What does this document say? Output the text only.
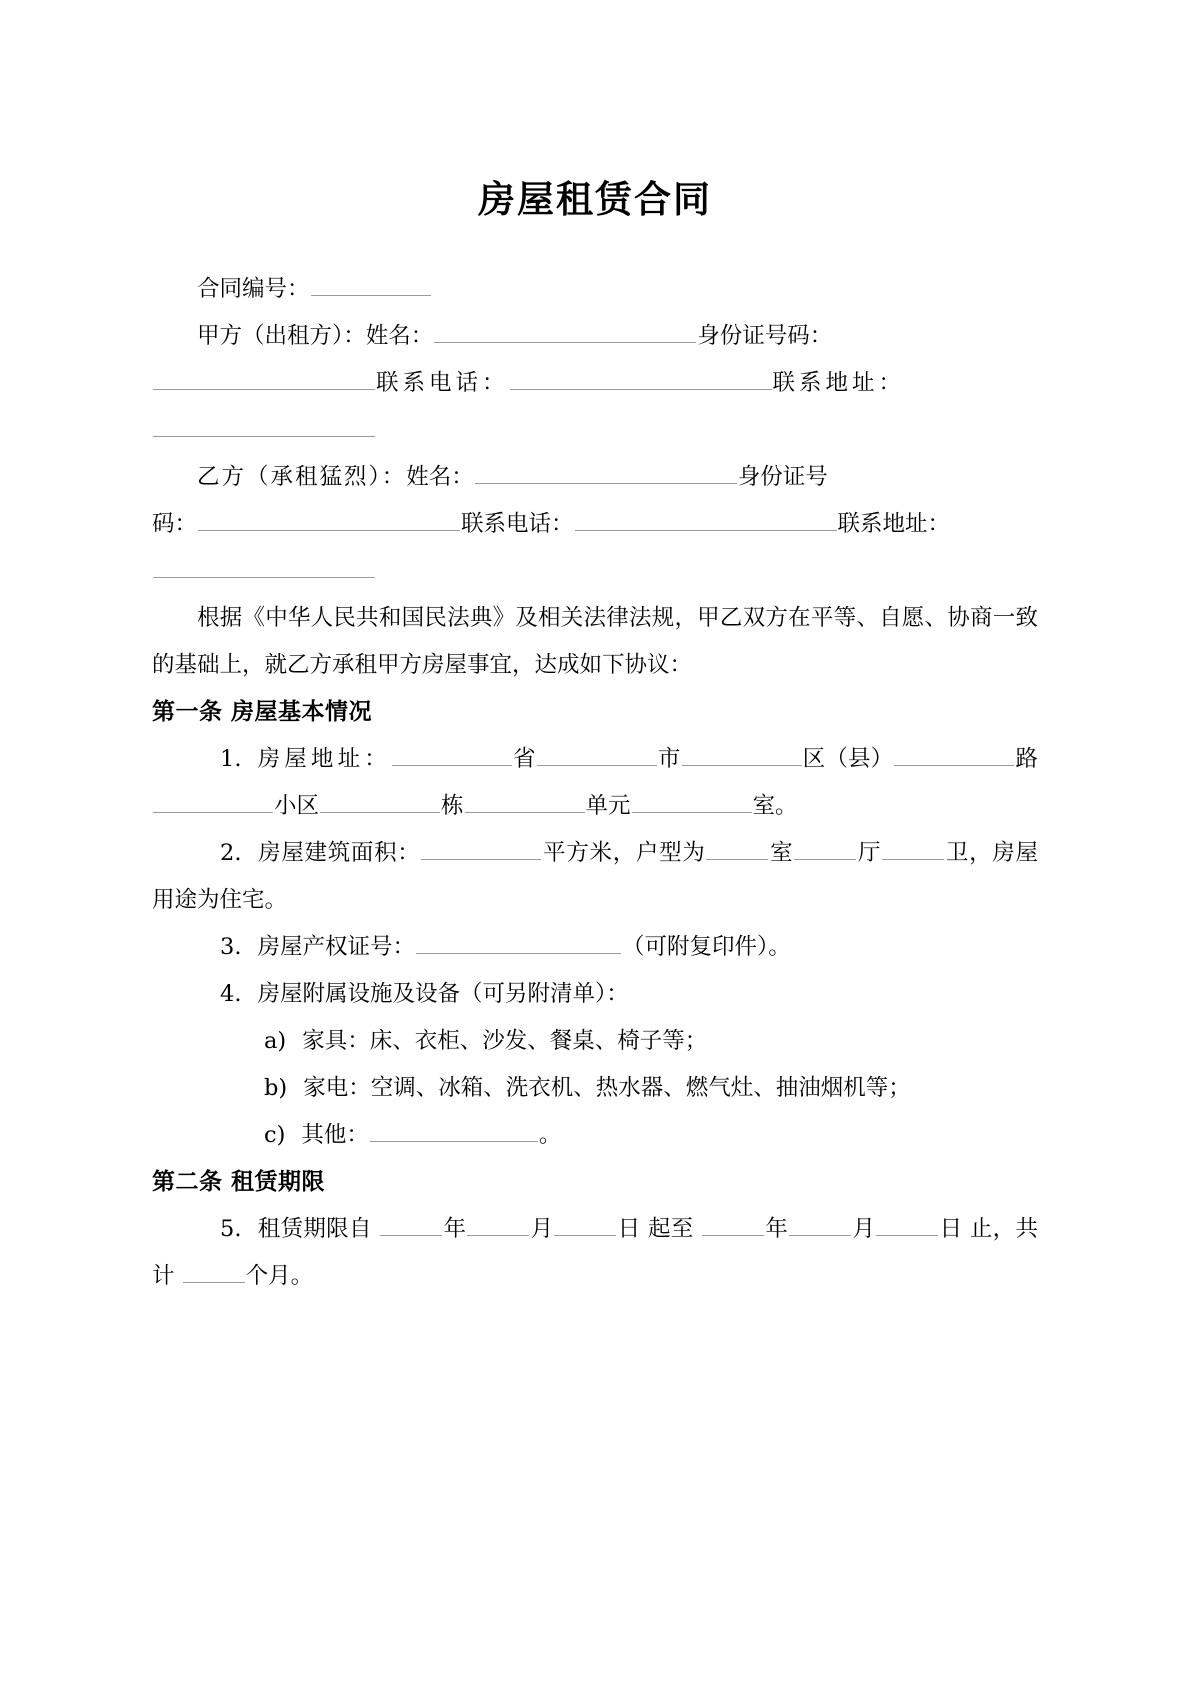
房屋租赁合同

合同编号：

甲方（出租方）：姓名：	身份证号码：

联系电话：	联系地址：

乙方（承租猛烈）：姓名：	身份证号

码：	联系电话：	联系地址：

根据《中华人民共和国民法典》及相关法律法规，甲乙双方在平等、自愿、协商一致的基础上，就乙方承租甲方房屋事宜，达成如下协议：

第一条 房屋基本情况

1. 房屋地址：	省	市	区（县）	路小区	栋	单元	室。

2. 房屋建筑面积：	平方米，户型为	室	厅	卫，房屋用途为住宅。

3. 房屋产权证号：	（可附复印件）。

4. 房屋附属设施及设备（可另附清单）：

a) 家具：床、衣柜、沙发、餐桌、椅子等；

b) 家电：空调、冰箱、洗衣机、热水器、燃气灶、抽油烟机等；

c) 其他：	。

第二条 租赁期限

5. 租赁期限自	年	月	日 起至	年	月	日 止，共计	个月。
